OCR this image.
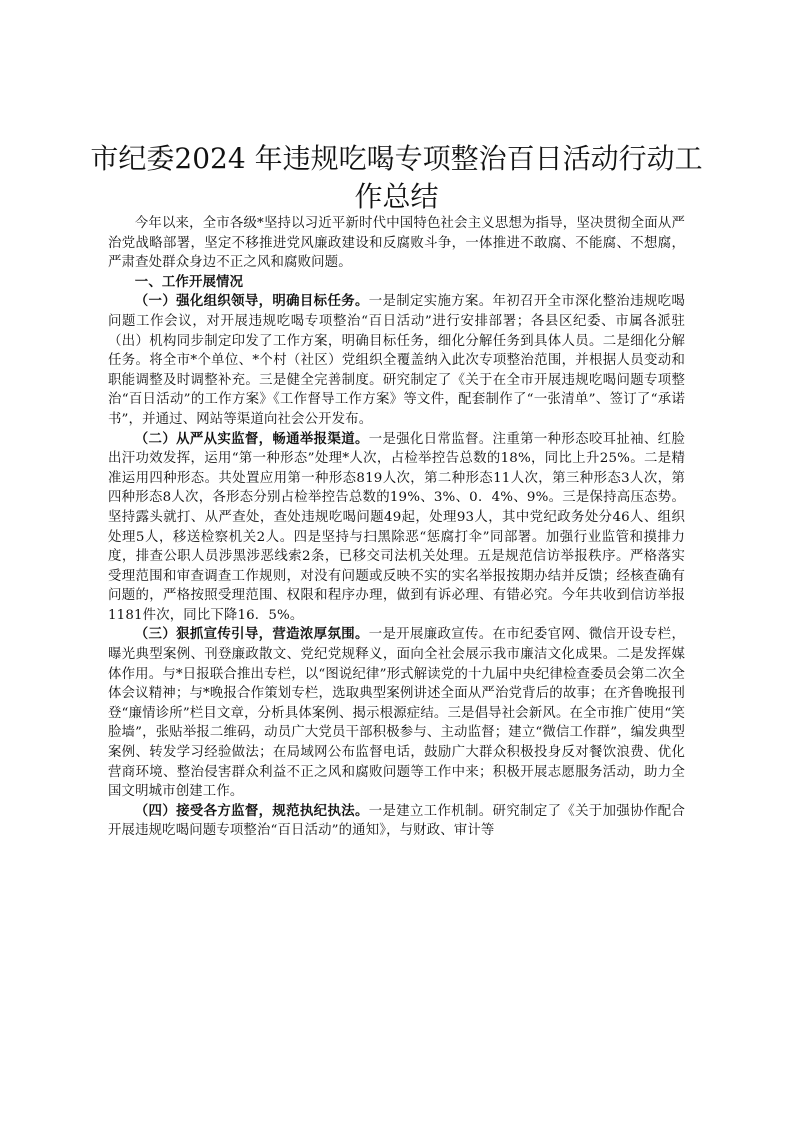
市纪委2024 年违规吃喝专项整治百日活动行动工作总结

今年以来，全市各级*坚持以习近平新时代中国特色社会主义思想为指导，坚决贯彻全面从严治党战略部署，坚定不移推进党风廉政建设和反腐败斗争，一体推进不敢腐、不能腐、不想腐，严肃查处群众身边不正之风和腐败问题。

一、工作开展情况

（一）强化组织领导，明确目标任务。一是制定实施方案。年初召开全市深化整治违规吃喝问题工作会议，对开展违规吃喝专项整治“百日活动”进行安排部署；各县区纪委、市属各派驻（出）机构同步制定印发了工作方案，明确目标任务，细化分解任务到具体人员。二是细化分解任务。将全市*个单位、*个村（社区）党组织全覆盖纳入此次专项整治范围，并根据人员变动和职能调整及时调整补充。三是健全完善制度。研究制定了《关于在全市开展违规吃喝问题专项整治“百日活动”的工作方案》《工作督导工作方案》等文件，配套制作了“一张清单”、签订了“承诺书”，并通过、网站等渠道向社会公开发布。

（二）从严从实监督，畅通举报渠道。一是强化日常监督。注重第一种形态咬耳扯袖、红脸出汗功效发挥，运用“第一种形态”处理*人次，占检举控告总数的18%，同比上升25%。二是精准运用四种形态。共处置应用第一种形态819人次，第二种形态11人次，第三种形态3人次，第四种形态8人次，各形态分别占检举控告总数的19%、3%、0．4%、9%。三是保持高压态势。坚持露头就打、从严查处，查处违规吃喝问题49起，处理93人，其中党纪政务处分46人、组织处理5人，移送检察机关2人。四是坚持与扫黑除恶“惩腐打伞”同部署。加强行业监管和摸排力度，排查公职人员涉黑涉恶线索2条，已移交司法机关处理。五是规范信访举报秩序。严格落实受理范围和审查调查工作规则，对没有问题或反映不实的实名举报按期办结并反馈；经核查确有问题的，严格按照受理范围、权限和程序办理，做到有诉必理、有错必究。今年共收到信访举报1181件次，同比下降16．5%。

（三）狠抓宣传引导，营造浓厚氛围。一是开展廉政宣传。在市纪委官网、微信开设专栏，曝光典型案例、刊登廉政散文、党纪党规释义，面向全社会展示我市廉洁文化成果。二是发挥媒体作用。与*日报联合推出专栏，以“图说纪律”形式解读党的十九届中央纪律检查委员会第二次全体会议精神；与*晚报合作策划专栏，选取典型案例讲述全面从严治党背后的故事；在齐鲁晚报刊登“廉情诊所”栏目文章，分析具体案例、揭示根源症结。三是倡导社会新风。在全市推广使用“笑脸墙”，张贴举报二维码，动员广大党员干部积极参与、主动监督；建立“微信工作群”，编发典型案例、转发学习经验做法；在局域网公布监督电话，鼓励广大群众积极投身反对餐饮浪费、优化营商环境、整治侵害群众利益不正之风和腐败问题等工作中来；积极开展志愿服务活动，助力全国文明城市创建工作。

（四）接受各方监督，规范执纪执法。一是建立工作机制。研究制定了《关于加强协作配合开展违规吃喝问题专项整治“百日活动”的通知》，与财政、审计等
